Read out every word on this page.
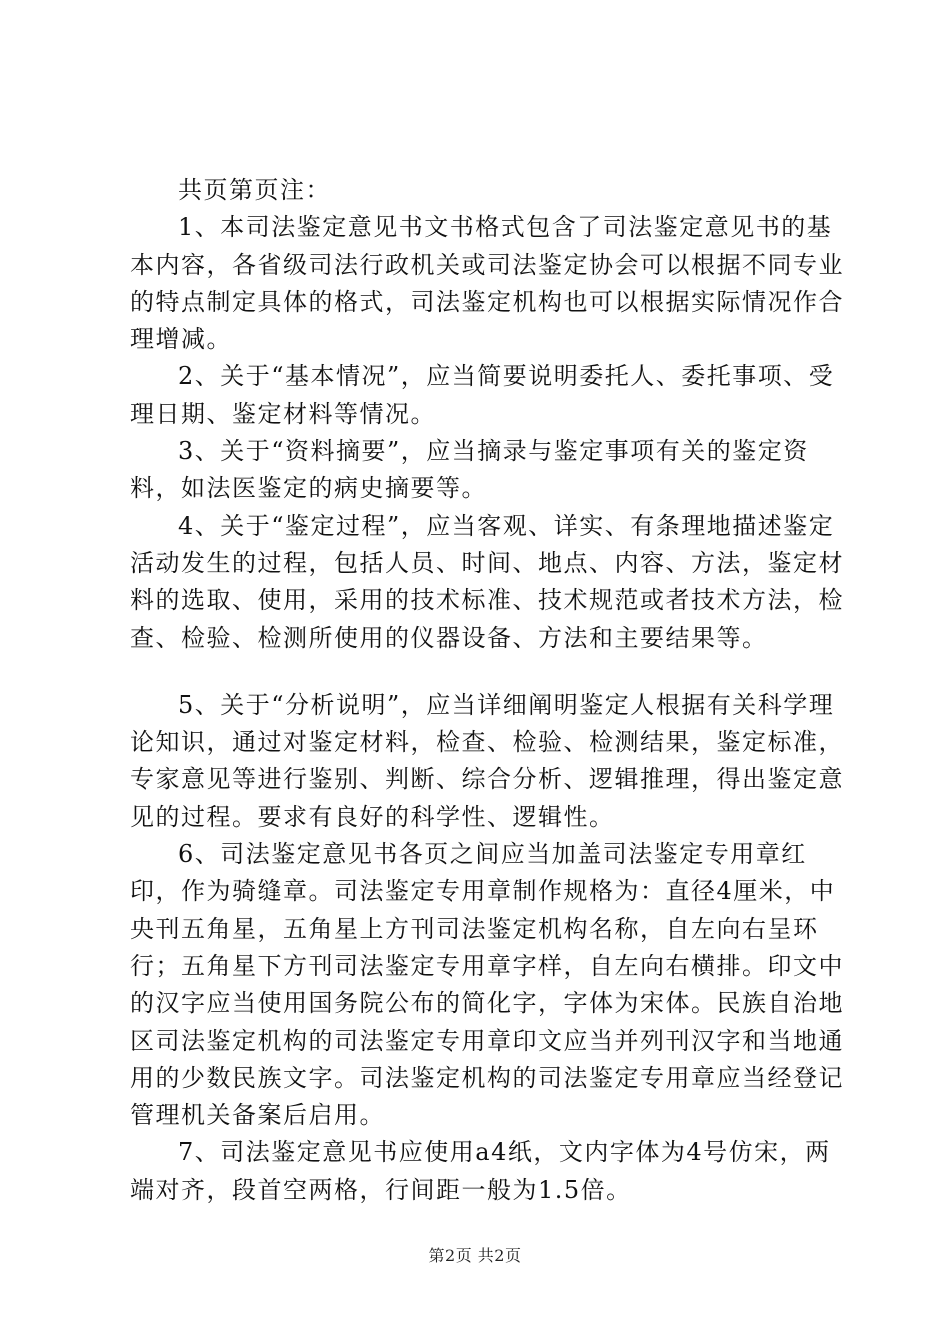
共页第页注：

1、本司法鉴定意见书文书格式包含了司法鉴定意见书的基本内容，各省级司法行政机关或司法鉴定协会可以根据不同专业的特点制定具体的格式，司法鉴定机构也可以根据实际情况作合理增减。

2、关于“基本情况”，应当简要说明委托人、委托事项、受理日期、鉴定材料等情况。

3、关于“资料摘要”，应当摘录与鉴定事项有关的鉴定资料，如法医鉴定的病史摘要等。

4、关于“鉴定过程”，应当客观、详实、有条理地描述鉴定活动发生的过程，包括人员、时间、地点、内容、方法，鉴定材料的选取、使用，采用的技术标准、技术规范或者技术方法，检查、检验、检测所使用的仪器设备、方法和主要结果等。

5、关于“分析说明”，应当详细阐明鉴定人根据有关科学理论知识，通过对鉴定材料，检查、检验、检测结果，鉴定标准，专家意见等进行鉴别、判断、综合分析、逻辑推理，得出鉴定意见的过程。要求有良好的科学性、逻辑性。

6、司法鉴定意见书各页之间应当加盖司法鉴定专用章红印，作为骑缝章。司法鉴定专用章制作规格为：直径4厘米，中央刊五角星，五角星上方刊司法鉴定机构名称，自左向右呈环行；五角星下方刊司法鉴定专用章字样，自左向右横排。印文中的汉字应当使用国务院公布的简化字，字体为宋体。民族自治地区司法鉴定机构的司法鉴定专用章印文应当并列刊汉字和当地通用的少数民族文字。司法鉴定机构的司法鉴定专用章应当经登记管理机关备案后启用。

7、司法鉴定意见书应使用a4纸，文内字体为4号仿宋，两端对齐，段首空两格，行间距一般为1.5倍。

第2页 共2页
